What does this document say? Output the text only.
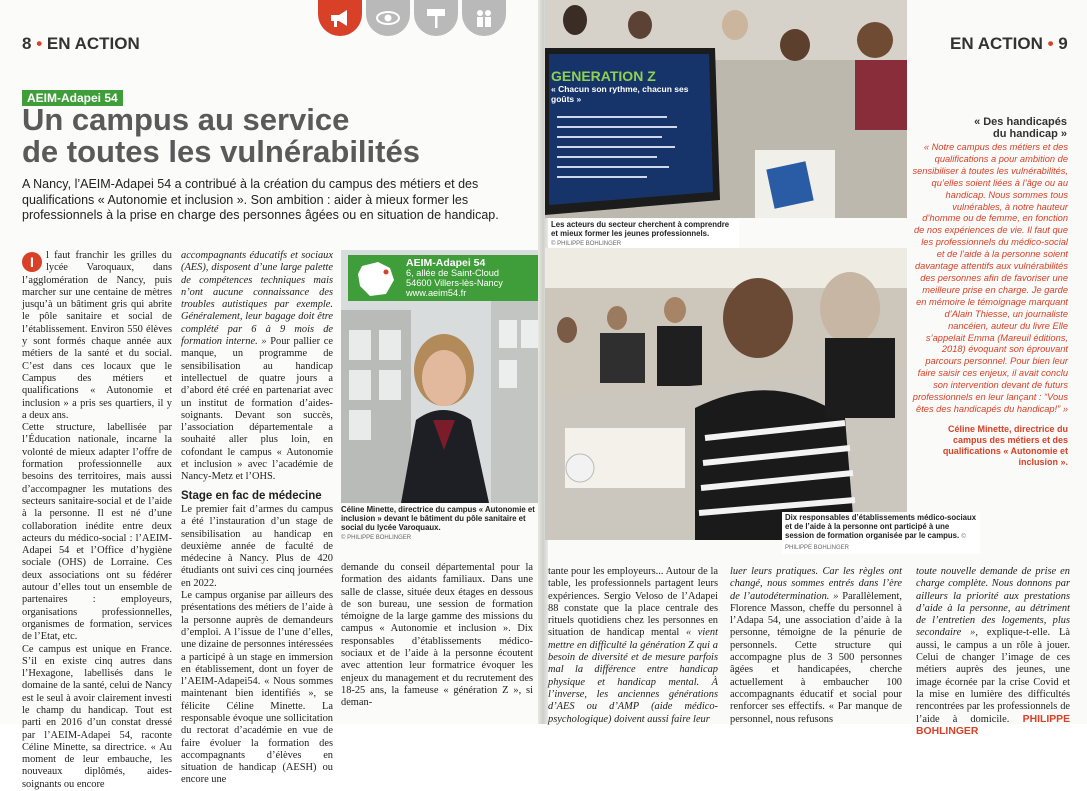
8 • EN ACTION	EN ACTION • 9
AEIM-Adapei 54
Un campus au service
de toutes les vulnérabilités
A Nancy, l’AEIM-Adapei 54 a contribué à la création du campus des métiers et des qualifications « Autonomie et inclusion ». Son ambition : aider à mieux former les professionnels à la prise en charge des personnes âgées ou en situation de handicap.
I	l faut franchir les grilles du lycée Varoquaux, dans l’agglomération de Nancy, puis marcher sur une centaine de mètres jusqu’à un bâtiment gris qui abrite le pôle sanitaire et social de l’établissement. Environ 550 élèves y sont formés chaque année aux métiers de la santé et du social. C’est dans ces locaux que le Campus des métiers et qualifications « Autonomie et inclusion » a pris ses quartiers, il y a deux ans.

Cette structure, labellisée par l’Éducation nationale, incarne la volonté de mieux adapter l’offre de formation professionnelle aux besoins des territoires, mais aussi d’accompagner les mutations des secteurs sanitaire-social et de l’aide à la personne. Il est né d’une collaboration inédite entre deux acteurs du médico-social : l’AEIM-Adapei 54 et l’Office d’hygiène sociale (OHS) de Lorraine. Ces deux associations ont su fédérer autour d’elles tout un ensemble de partenaires : employeurs, organisations professionnelles, organismes de formation, services de l’Etat, etc.

Ce campus est unique en France. S’il en existe cinq autres dans l’Hexagone, labellisés dans le domaine de la santé, celui de Nancy est le seul à avoir clairement investi le champ du handicap. Tout est parti en 2016 d’un constat dressé par l’AEIM-Adapei 54, raconte Céline Minette, sa directrice. « Au moment de leur embauche, les nouveaux diplômés, aides-soignants ou encore

accompagnants éducatifs et sociaux (AES), disposent d’une large palette de compétences techniques mais n’ont aucune connaissance des troubles autistiques par exemple. Généralement, leur bagage doit être complété par 6 à 9 mois de formation interne. » Pour pallier ce manque, un programme de sensibilisation au handicap intellectuel de quatre jours a d’abord été créé en partenariat avec un institut de formation d’aides-soignants. Devant son succès, l’association départementale a souhaité aller plus loin, en cofondant le campus « Autonomie et inclusion » avec l’académie de Nancy-Metz et l’OHS.

Stage en fac de médecine

Le premier fait d’armes du campus a été l’instauration d’un stage de sensibilisation au handicap en deuxième année de faculté de médecine à Nancy. Plus de 420 étudiants ont suivi ces cinq journées en 2022.

Le campus organise par ailleurs des présentations des métiers de l’aide à la personne auprès de demandeurs d’emploi. A l’issue de l’une d’elles, une dizaine de personnes intéressées a participé à un stage en immersion en établissement, dont un foyer de l’AEIM-Adapei54. « Nous sommes maintenant bien identifiés », se félicite Céline Minette. La responsable évoque une sollicitation du rectorat d’académie en vue de faire évoluer la formation des accompagnants d’élèves en situation de handicap (AESH) ou encore une

AEIM-Adapei 54
6, allée de Saint-Cloud
54600 Villers-lès-Nancy
www.aeim54.fr
Céline Minette, directrice du campus « Autonomie et inclusion » devant le bâtiment du pôle sanitaire et social du lycée Varoquaux.
© PHILIPPE BOHLINGER

demande du conseil départemental pour la formation des aidants familiaux. Dans une salle de classe, située deux étages en dessous de son bureau, une session de formation témoigne de la large gamme des missions du campus « Autonomie et inclusion ». Dix responsables d’établissements médico-sociaux et de l’aide à la personne écoutent avec attention leur formatrice évoquer les enjeux du management et du recrutement des 18-25 ans, la fameuse « génération Z », si deman-

GENERATION Z
« Chacun son rythme, chacun ses goûts »
Les acteurs du secteur cherchent à comprendre et mieux former les jeunes professionnels.
© PHILIPPE BOHLINGER
Dix responsables d’établissements médico-sociaux et de l’aide à la personne ont participé à une session de formation organisée par le campus. © PHILIPPE BOHLINGER
« Des handicapés
du handicap »
« Notre campus des métiers et des qualifications a pour ambition de sensibiliser à toutes les vulnérabilités, qu’elles soient liées à l’âge ou au handicap. Nous sommes tous vulnérables, à notre hauteur d’homme ou de femme, en fonction de nos expériences de vie. Il faut que les professionnels du médico-social et de l’aide à la personne soient davantage attentifs aux vulnérabilités des personnes afin de favoriser une meilleure prise en charge. Je garde en mémoire le témoignage marquant d’Alain Thiesse, un journaliste nancéien, auteur du livre Elle s’appelait Emma (Mareuil éditions, 2018) évoquant son éprouvant parcours personnel. Pour bien leur faire saisir ces enjeux, il avait conclu son intervention devant de futurs professionnels en leur lançant : “Vous êtes des handicapés du handicap!” »
Céline Minette, directrice du campus des métiers et des qualifications « Autonomie et inclusion ».

tante pour les employeurs... Autour de la table, les professionnels partagent leurs expériences. Sergio Veloso de l’Adapei 88 constate que la place centrale des rituels quotidiens chez les personnes en situation de handicap mental « vient mettre en difficulté la génération Z qui a besoin de diversité et de mesure parfois mal la différence entre handicap physique et handicap mental. À l’inverse, les anciennes générations d’AES ou d’AMP (aide médico-psychologique) doivent aussi faire leur

luer leurs pratiques. Car les règles ont changé, nous sommes entrés dans l’ère de l’autodétermination. » Parallèlement, Florence Masson, cheffe du personnel à l’Adapa 54, une association d’aide à la personne, témoigne de la pénurie de personnels. Cette structure qui accompagne plus de 3 500 personnes âgées et handicapées, cherche actuellement à embaucher 100 accompagnants éducatif et social pour renforcer ses effectifs. « Par manque de personnel, nous refusons

toute nouvelle demande de prise en charge complète. Nous donnons par ailleurs la priorité aux prestations d’aide à la personne, au détriment de l’entretien des logements, plus secondaire », explique-t-elle. Là aussi, le campus a un rôle à jouer. Celui de changer l’image de ces métiers auprès des jeunes, une image écornée par la crise Covid et la mise en lumière des difficultés rencontrées par les professionnels de l’aide à domicile. PHILIPPE BOHLINGER
